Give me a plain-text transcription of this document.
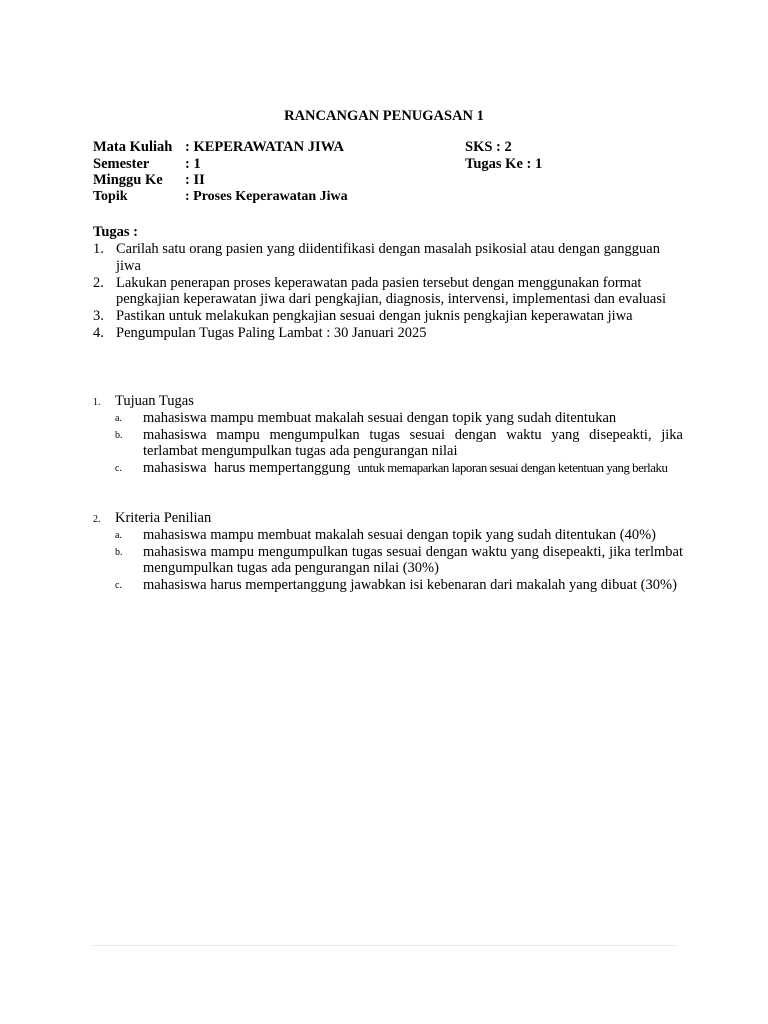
RANCANGAN PENUGASAN 1
Mata Kuliah : KEPERAWATAN JIWA	SKS : 2
Semester : 1	Tugas Ke : 1
Minggu Ke : II
Topik	: Proses Keperawatan Jiwa
Tugas :
1. Carilah satu orang pasien yang diidentifikasi dengan masalah psikosial atau dengan gangguan jiwa
2. Lakukan penerapan proses keperawatan pada pasien tersebut dengan menggunakan format pengkajian keperawatan jiwa dari pengkajian, diagnosis, intervensi, implementasi dan evaluasi
3. Pastikan untuk melakukan pengkajian sesuai dengan juknis pengkajian keperawatan jiwa
4. Pengumpulan Tugas Paling Lambat : 30 Januari 2025
1. Tujuan Tugas
a. mahasiswa mampu membuat makalah sesuai dengan topik yang sudah ditentukan
b. mahasiswa mampu mengumpulkan tugas sesuai dengan waktu yang disepeakti, jika terlambat mengumpulkan tugas ada pengurangan nilai
c. mahasiswa  harus mempertanggung  untuk memaparkan laporan sesuai dengan ketentuan yang berlaku
2. Kriteria Penilian
a. mahasiswa mampu membuat makalah sesuai dengan topik yang sudah ditentukan (40%)
b. mahasiswa mampu mengumpulkan tugas sesuai dengan waktu yang disepeakti, jika terlmbat mengumpulkan tugas ada pengurangan nilai (30%)
c. mahasiswa harus mempertanggung jawabkan isi kebenaran dari makalah yang dibuat (30%)
